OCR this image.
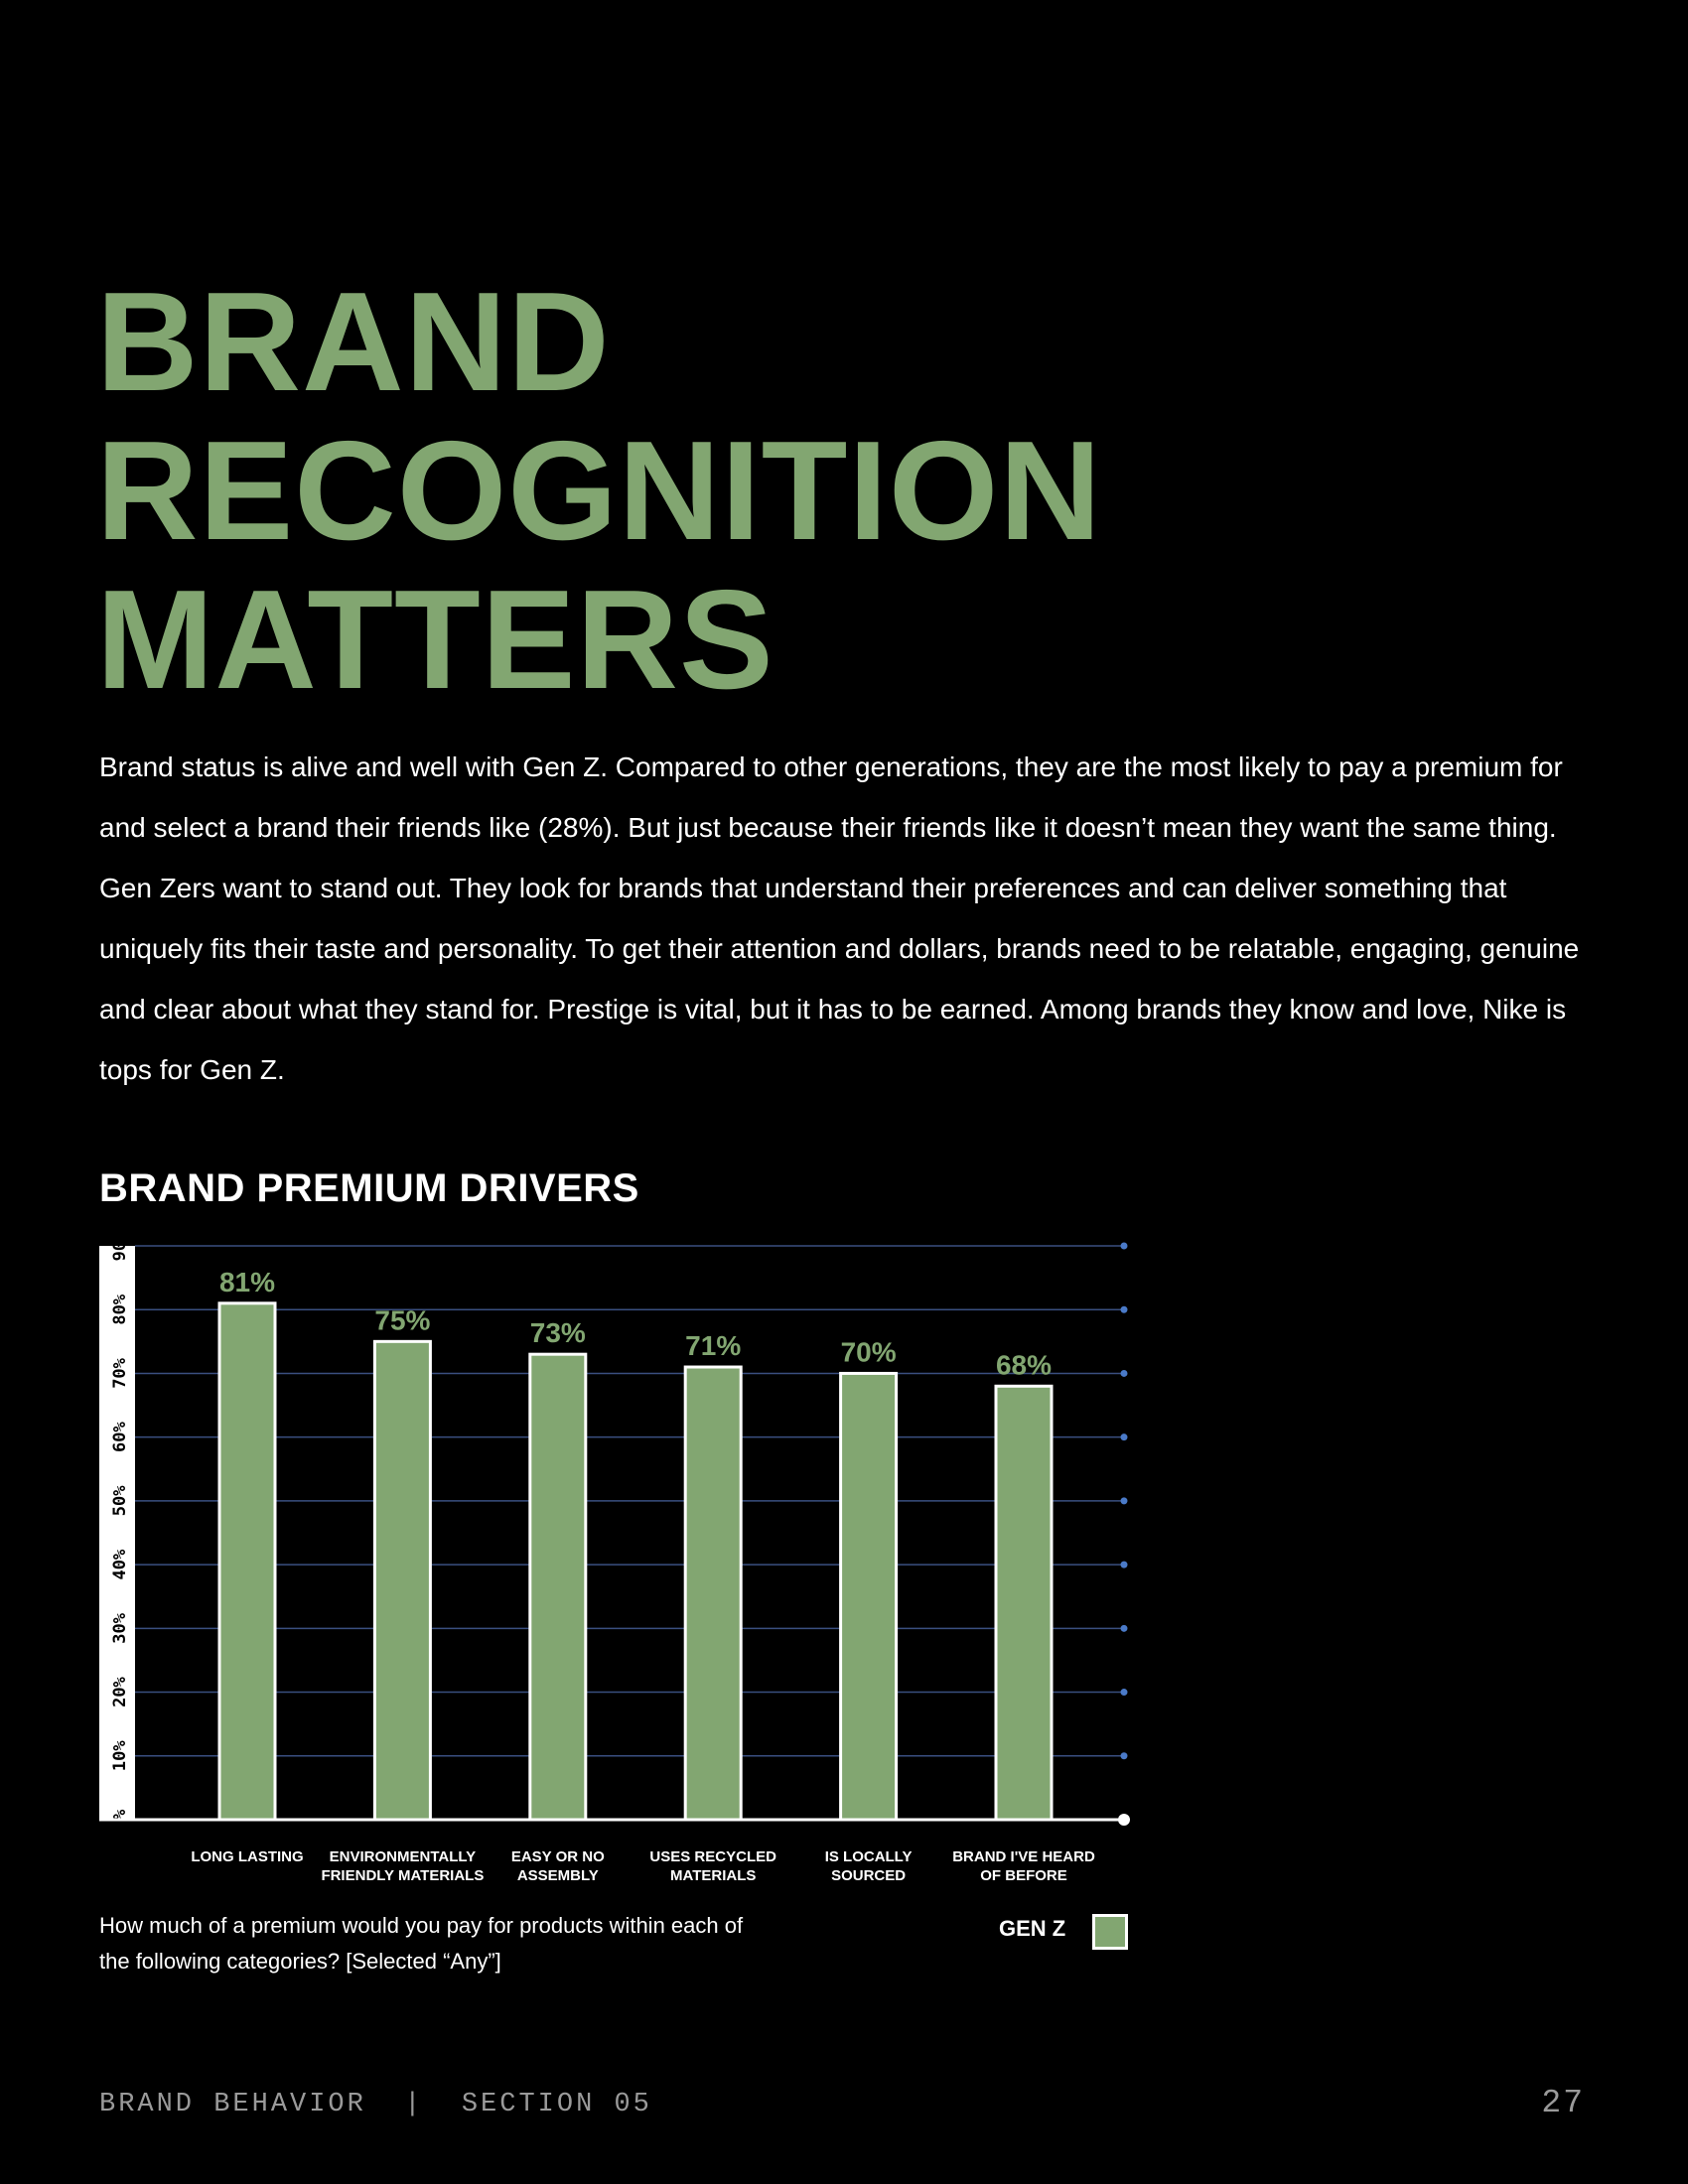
BRAND
RECOGNITION
MATTERS

Brand status is alive and well with Gen Z. Compared to other generations, they are the most likely to pay a premium for and select a brand their friends like (28%). But just because their friends like it doesn’t mean they want the same thing. Gen Zers want to stand out. They look for brands that understand their preferences and can deliver something that uniquely fits their taste and personality. To get their attention and dollars, brands need to be relatable, engaging, genuine and clear about what they stand for. Prestige is vital, but it has to be earned. Among brands they know and love, Nike is tops for Gen Z.

BRAND PREMIUM DRIVERS
0%
10%
20%
30%
40%
50%
60%
70%
80%
90%
81%
LONG LASTING
75%
ENVIRONMENTALLY
FRIENDLY MATERIALS
73%
EASY OR NO
ASSEMBLY
71%
USES RECYCLED
MATERIALS
70%
IS LOCALLY
SOURCED
68%
BRAND I'VE HEARD
OF BEFORE

How much of a premium would you pay for products within each of the following categories? [Selected “Any”]

GEN Z
BRAND BEHAVIOR  |  SECTION 05	27
